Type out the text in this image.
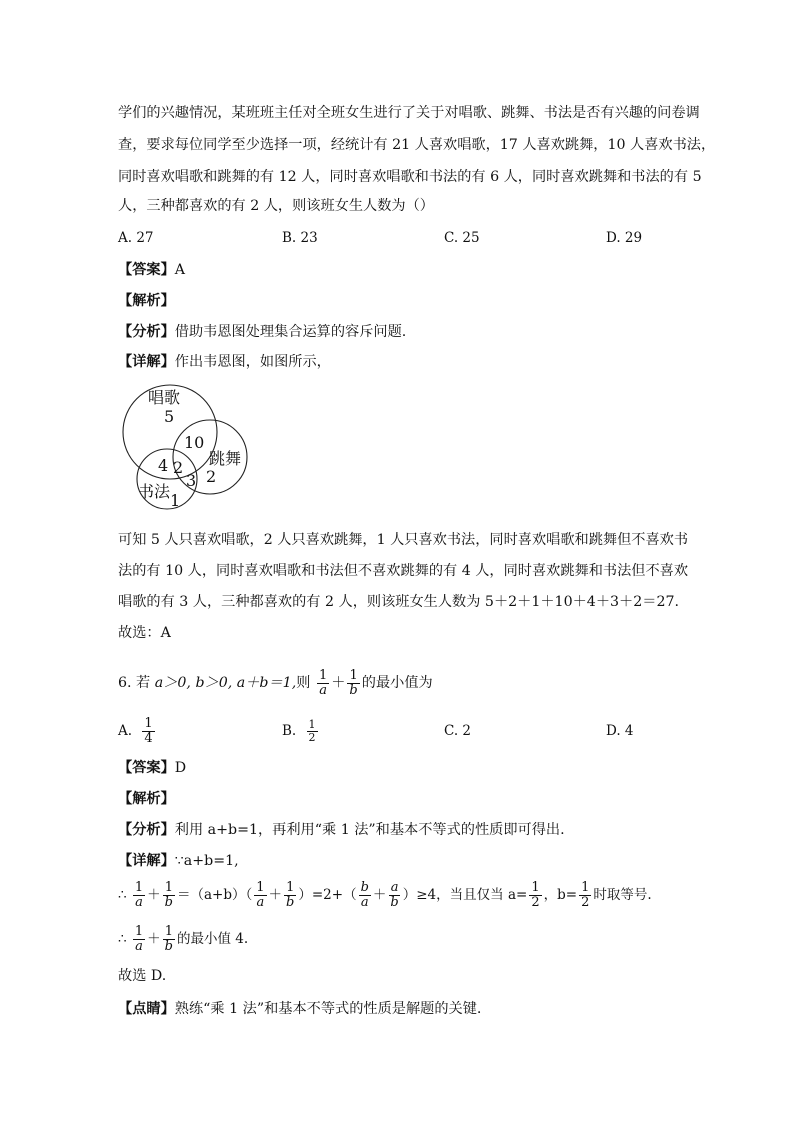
学们的兴趣情况，某班班主任对全班女生进行了关于对唱歌、跳舞、书法是否有兴趣的问卷调
查，要求每位同学至少选择一项，经统计有 21 人喜欢唱歌，17 人喜欢跳舞，10 人喜欢书法，
同时喜欢唱歌和跳舞的有 12 人，同时喜欢唱歌和书法的有 6 人，同时喜欢跳舞和书法的有 5
人，三种都喜欢的有 2 人，则该班女生人数为（）
A. 27	B. 23	C. 25	D. 29
【答案】A
【解析】
【分析】借助韦恩图处理集合运算的容斥问题.
【详解】作出韦恩图，如图所示，
唱歌
5
10
跳舞
2
4 2
3
书法 1
可知 5 人只喜欢唱歌，2 人只喜欢跳舞，1 人只喜欢书法，同时喜欢唱歌和跳舞但不喜欢书
法的有 10 人，同时喜欢唱歌和书法但不喜欢跳舞的有 4 人，同时喜欢跳舞和书法但不喜欢
唱歌的有 3 人，三种都喜欢的有 2 人，则该班女生人数为 5＋2＋1＋10＋4＋3＋2＝27.
故选：A
6. 若 a＞0, b＞0, a＋b＝1,则 $\frac{1}{a} + \frac{1}{b}$ 的最小值为
A. $\frac{1}{4}$	B. $\frac{1}{2}$	C. 2	D. 4
【答案】D
【解析】
【分析】利用 a+b=1，再利用“乘 1 法”和基本不等式的性质即可得出.
【详解】∵a+b=1,
∴ $\frac{1}{a} + \frac{1}{b} =(a+b)( \frac{1}{a} + \frac{1}{b} )=2+( \frac{b}{a} + \frac{a}{b} )\ge 4$，当且仅当 $a= \frac{1}{2}$ ，$b= \frac{1}{2}$ 时取等号.
∴ $\frac{1}{a} + \frac{1}{b}$ 的最小值 4.
故选 D.
【点睛】熟练“乘 1 法”和基本不等式的性质是解题的关键.
